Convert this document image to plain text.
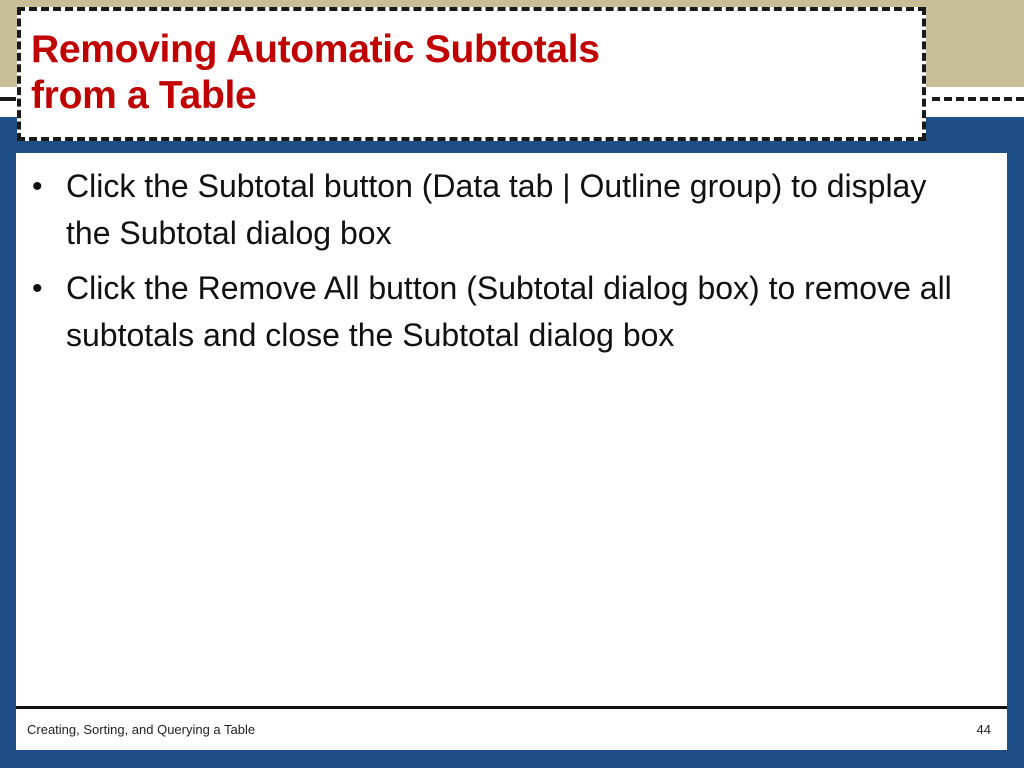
Removing Automatic Subtotals
from a Table
• Click the Subtotal button (Data tab | Outline group) to display the Subtotal dialog box
• Click the Remove All button (Subtotal dialog box) to remove all subtotals and close the Subtotal dialog box
Creating, Sorting, and Querying a Table	44
